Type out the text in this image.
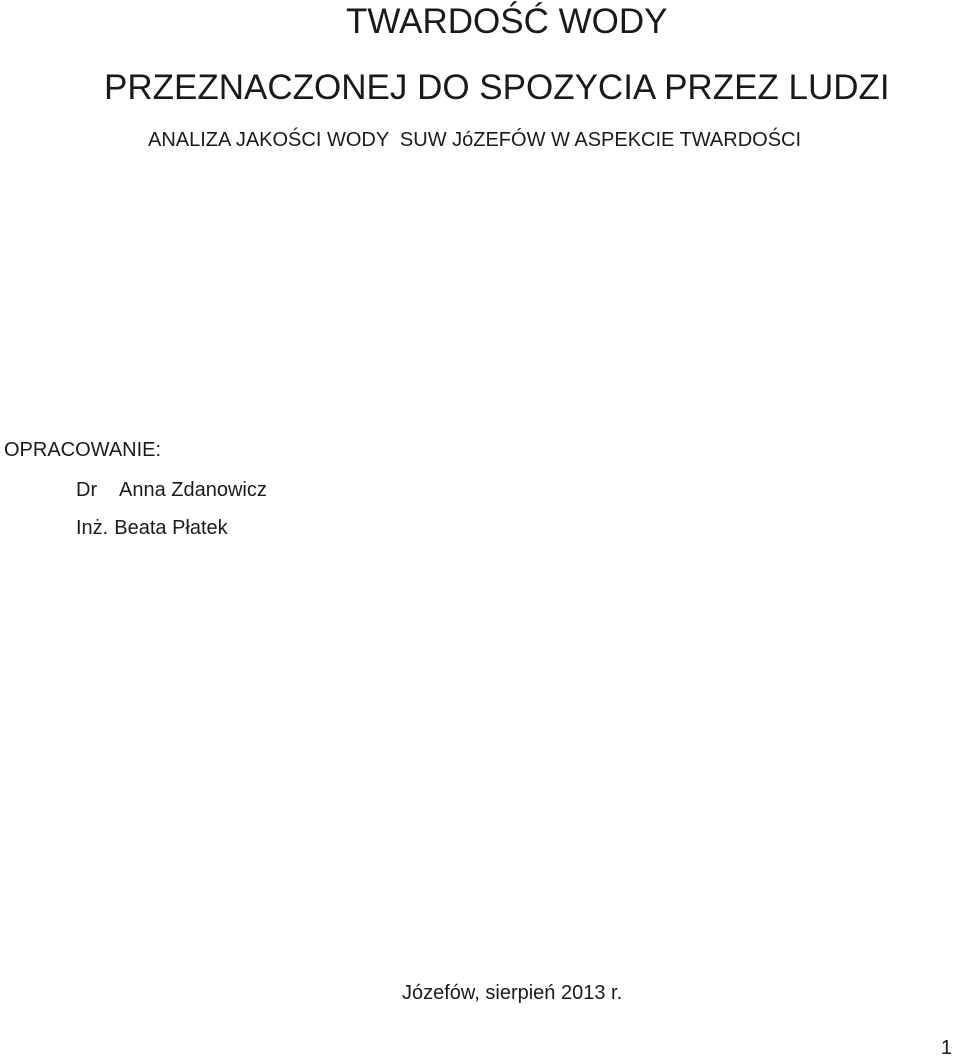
TWARDOŚĆ WODY
PRZEZNACZONEJ DO SPOZYCIA PRZEZ LUDZI
ANALIZA JAKOŚCI WODY  SUW JóZEFÓW W ASPEKCIE TWARDOŚCI
OPRACOWANIE:
Dr Anna Zdanowicz
Inż. Beata Płatek
Józefów, sierpień 2013 r.
1
